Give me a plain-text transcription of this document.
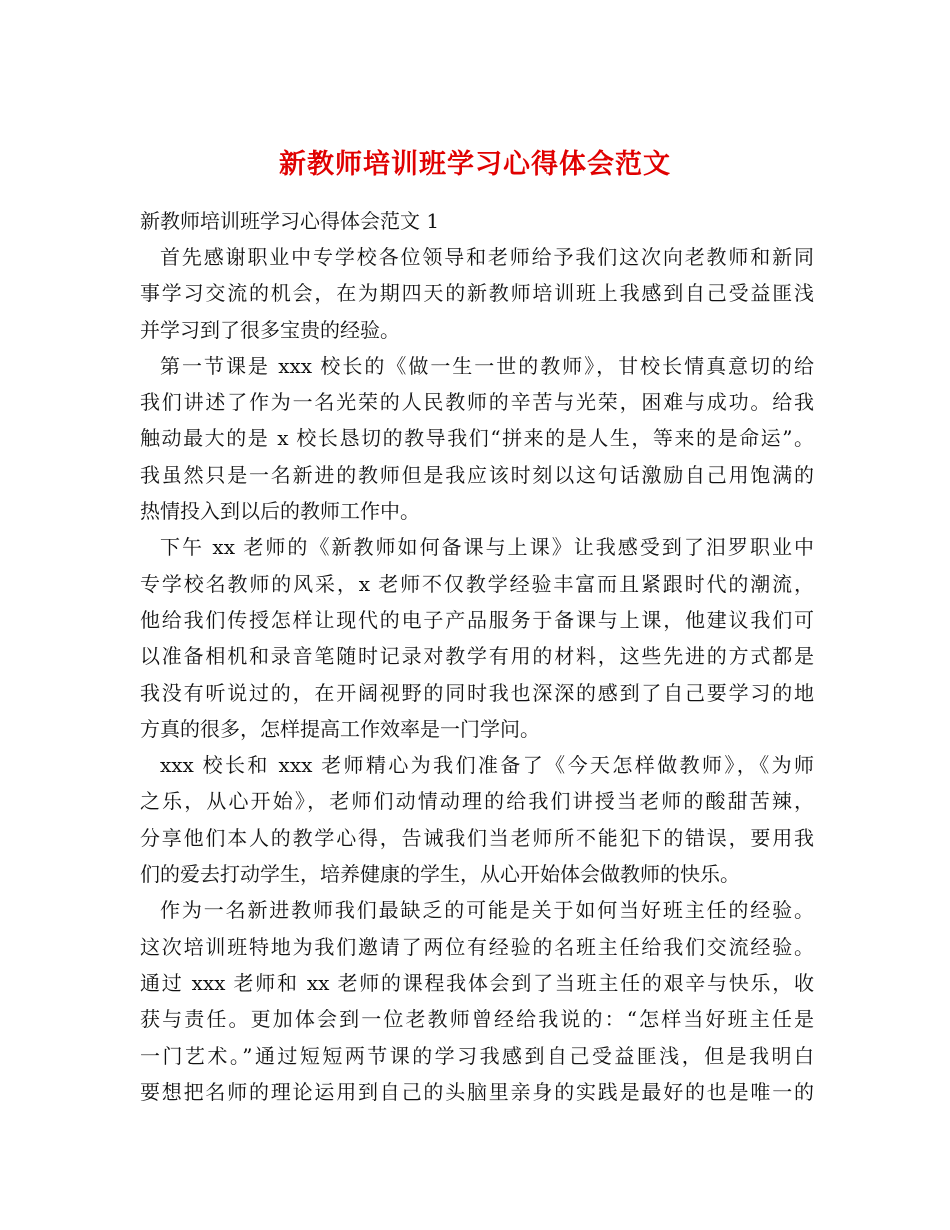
新教师培训班学习心得体会范文

新教师培训班学习心得体会范文 1

首先感谢职业中专学校各位领导和老师给予我们这次向老教师和新同
事学习交流的机会，在为期四天的新教师培训班上我感到自己受益匪浅
并学习到了很多宝贵的经验。

第一节课是 xxx 校长的《做一生一世的教师》，甘校长情真意切的给
我们讲述了作为一名光荣的人民教师的辛苦与光荣，困难与成功。给我
触动最大的是 x 校长恳切的教导我们“拼来的是人生，等来的是命运”。
我虽然只是一名新进的教师但是我应该时刻以这句话激励自己用饱满的
热情投入到以后的教师工作中。

下午 xx 老师的《新教师如何备课与上课》让我感受到了汨罗职业中
专学校名教师的风采，x 老师不仅教学经验丰富而且紧跟时代的潮流，
他给我们传授怎样让现代的电子产品服务于备课与上课，他建议我们可
以准备相机和录音笔随时记录对教学有用的材料，这些先进的方式都是
我没有听说过的，在开阔视野的同时我也深深的感到了自己要学习的地
方真的很多，怎样提高工作效率是一门学问。

xxx 校长和 xxx 老师精心为我们准备了《今天怎样做教师》，《为师
之乐，从心开始》，老师们动情动理的给我们讲授当老师的酸甜苦辣，
分享他们本人的教学心得，告诫我们当老师所不能犯下的错误，要用我
们的爱去打动学生，培养健康的学生，从心开始体会做教师的快乐。

作为一名新进教师我们最缺乏的可能是关于如何当好班主任的经验。
这次培训班特地为我们邀请了两位有经验的名班主任给我们交流经验。
通过 xxx 老师和 xx 老师的课程我体会到了当班主任的艰辛与快乐，收
获与责任。更加体会到一位老教师曾经给我说的：“怎样当好班主任是
一门艺术。”通过短短两节课的学习我感到自己受益匪浅，但是我明白
要想把名师的理论运用到自己的头脑里亲身的实践是最好的也是唯一的
